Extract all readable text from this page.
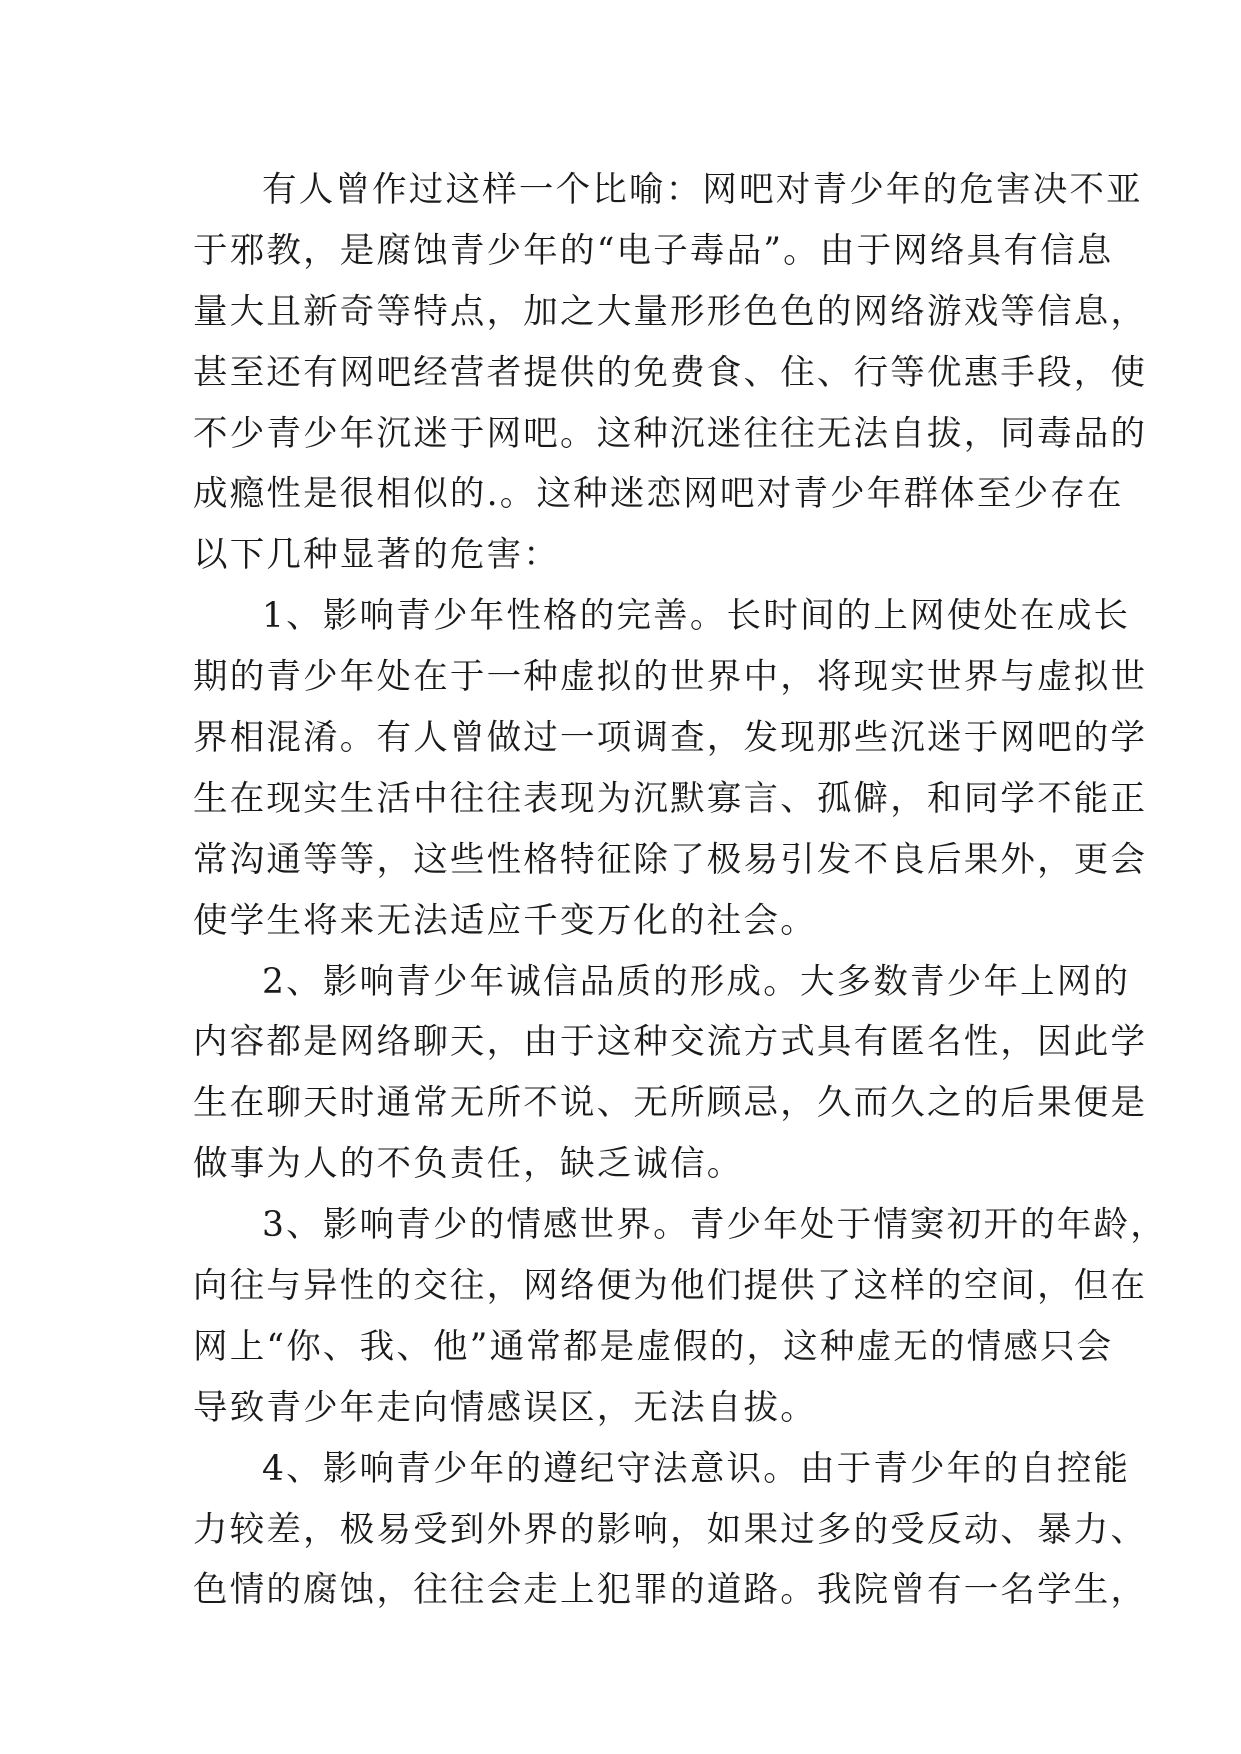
有人曾作过这样一个比喻：网吧对青少年的危害决不亚
于邪教，是腐蚀青少年的“电子毒品”。由于网络具有信息
量大且新奇等特点，加之大量形形色色的网络游戏等信息，
甚至还有网吧经营者提供的免费食、住、行等优惠手段，使
不少青少年沉迷于网吧。这种沉迷往往无法自拔，同毒品的
成瘾性是很相似的.。这种迷恋网吧对青少年群体至少存在
以下几种显著的危害：
1、影响青少年性格的完善。长时间的上网使处在成长
期的青少年处在于一种虚拟的世界中，将现实世界与虚拟世
界相混淆。有人曾做过一项调查，发现那些沉迷于网吧的学
生在现实生活中往往表现为沉默寡言、孤僻，和同学不能正
常沟通等等，这些性格特征除了极易引发不良后果外，更会
使学生将来无法适应千变万化的社会。
2、影响青少年诚信品质的形成。大多数青少年上网的
内容都是网络聊天，由于这种交流方式具有匿名性，因此学
生在聊天时通常无所不说、无所顾忌，久而久之的后果便是
做事为人的不负责任，缺乏诚信。
3、影响青少的情感世界。青少年处于情窦初开的年龄，
向往与异性的交往，网络便为他们提供了这样的空间，但在
网上“你、我、他”通常都是虚假的，这种虚无的情感只会
导致青少年走向情感误区，无法自拔。
4、影响青少年的遵纪守法意识。由于青少年的自控能
力较差，极易受到外界的影响，如果过多的受反动、暴力、
色情的腐蚀，往往会走上犯罪的道路。我院曾有一名学生，
